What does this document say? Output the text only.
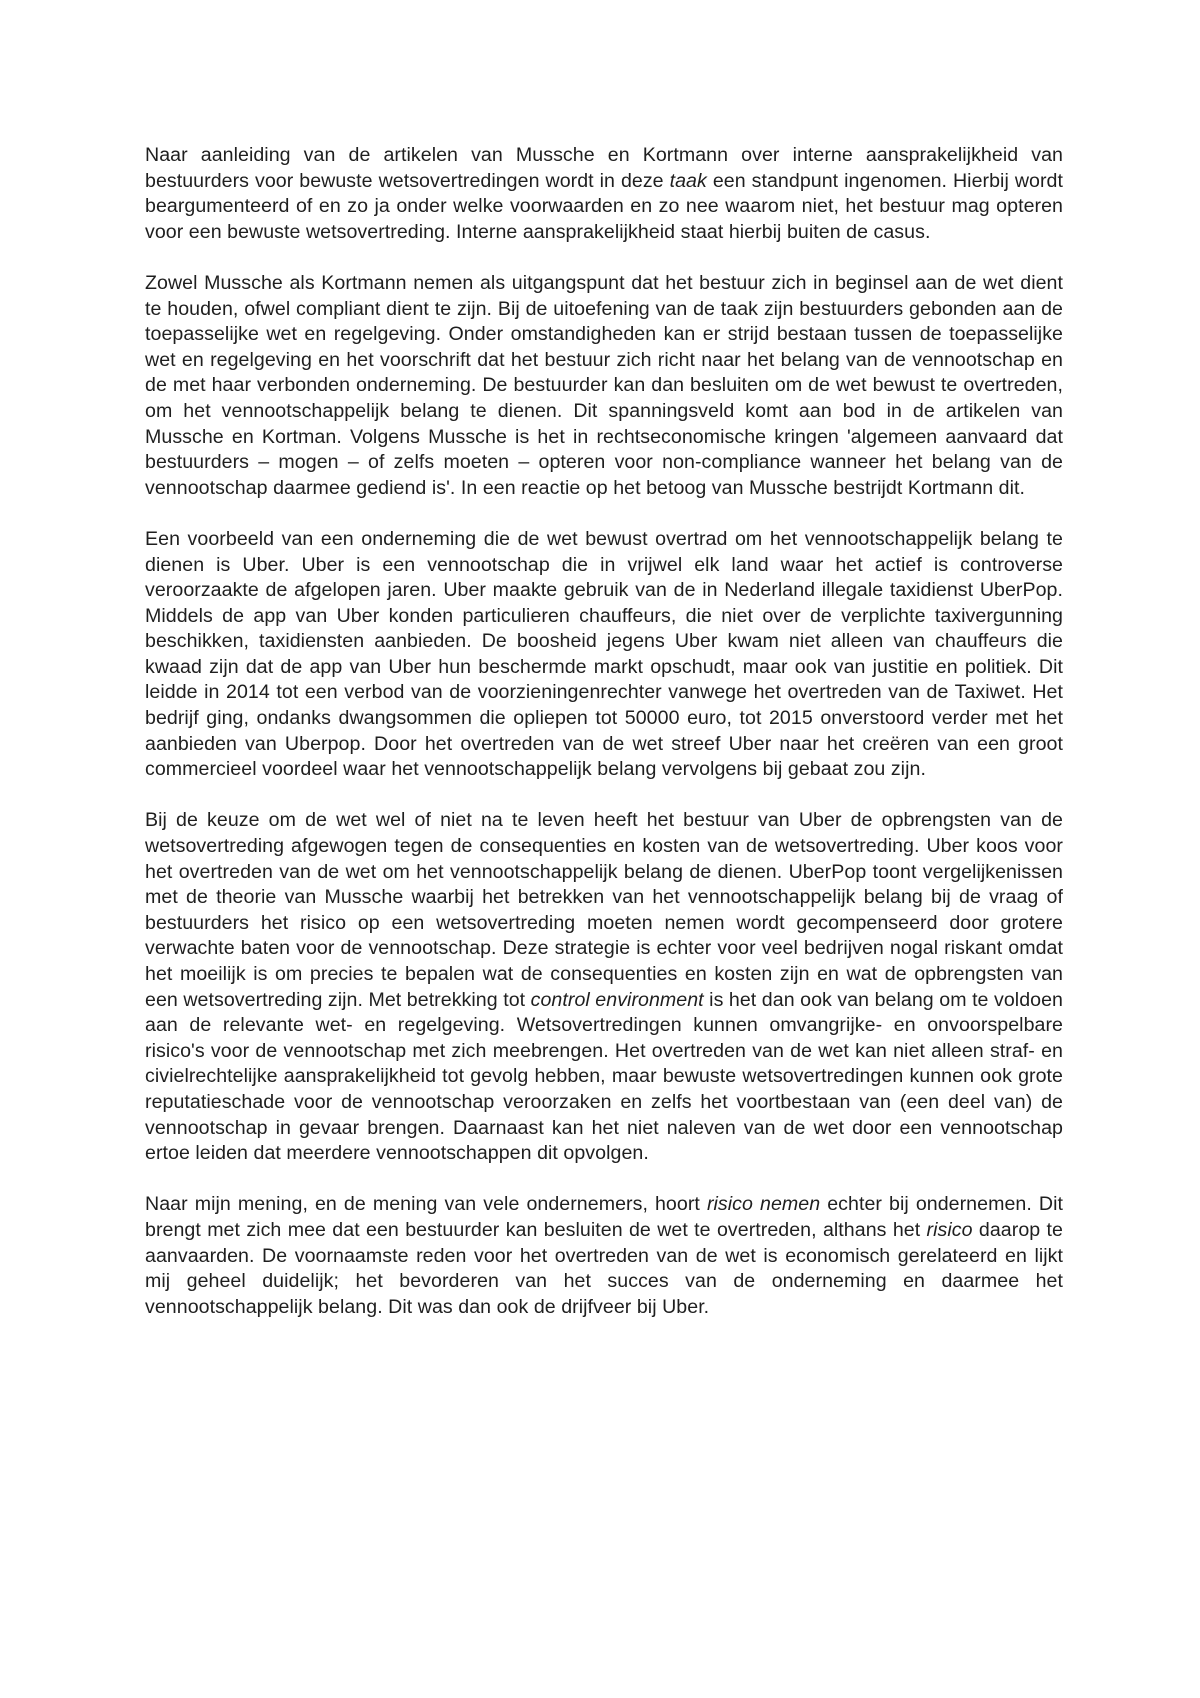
Naar aanleiding van de artikelen van Mussche en Kortmann over interne aansprakelijkheid van bestuurders voor bewuste wetsovertredingen wordt in deze taak een standpunt ingenomen. Hierbij wordt beargumenteerd of en zo ja onder welke voorwaarden en zo nee waarom niet, het bestuur mag opteren voor een bewuste wetsovertreding. Interne aansprakelijkheid staat hierbij buiten de casus.

Zowel Mussche als Kortmann nemen als uitgangspunt dat het bestuur zich in beginsel aan de wet dient te houden, ofwel compliant dient te zijn. Bij de uitoefening van de taak zijn bestuurders gebonden aan de toepasselijke wet en regelgeving. Onder omstandigheden kan er strijd bestaan tussen de toepasselijke wet en regelgeving en het voorschrift dat het bestuur zich richt naar het belang van de vennootschap en de met haar verbonden onderneming. De bestuurder kan dan besluiten om de wet bewust te overtreden, om het vennootschappelijk belang te dienen. Dit spanningsveld komt aan bod in de artikelen van Mussche en Kortman. Volgens Mussche is het in rechtseconomische kringen 'algemeen aanvaard dat bestuurders – mogen – of zelfs moeten – opteren voor non-compliance wanneer het belang van de vennootschap daarmee gediend is'. In een reactie op het betoog van Mussche bestrijdt Kortmann dit.

Een voorbeeld van een onderneming die de wet bewust overtrad om het vennootschappelijk belang te dienen is Uber. Uber is een vennootschap die in vrijwel elk land waar het actief is controverse veroorzaakte de afgelopen jaren. Uber maakte gebruik van de in Nederland illegale taxidienst UberPop. Middels de app van Uber konden particulieren chauffeurs, die niet over de verplichte taxivergunning beschikken, taxidiensten aanbieden. De boosheid jegens Uber kwam niet alleen van chauffeurs die kwaad zijn dat de app van Uber hun beschermde markt opschudt, maar ook van justitie en politiek. Dit leidde in 2014 tot een verbod van de voorzieningenrechter vanwege het overtreden van de Taxiwet. Het bedrijf ging, ondanks dwangsommen die opliepen tot 50000 euro, tot 2015 onverstoord verder met het aanbieden van Uberpop. Door het overtreden van de wet streef Uber naar het creëren van een groot commercieel voordeel waar het vennootschappelijk belang vervolgens bij gebaat zou zijn.

Bij de keuze om de wet wel of niet na te leven heeft het bestuur van Uber de opbrengsten van de wetsovertreding afgewogen tegen de consequenties en kosten van de wetsovertreding. Uber koos voor het overtreden van de wet om het vennootschappelijk belang de dienen. UberPop toont vergelijkenissen met de theorie van Mussche waarbij het betrekken van het vennootschappelijk belang bij de vraag of bestuurders het risico op een wetsovertreding moeten nemen wordt gecompenseerd door grotere verwachte baten voor de vennootschap. Deze strategie is echter voor veel bedrijven nogal riskant omdat het moeilijk is om precies te bepalen wat de consequenties en kosten zijn en wat de opbrengsten van een wetsovertreding zijn. Met betrekking tot control environment is het dan ook van belang om te voldoen aan de relevante wet- en regelgeving. Wetsovertredingen kunnen omvangrijke- en onvoorspelbare risico's voor de vennootschap met zich meebrengen. Het overtreden van de wet kan niet alleen straf- en civielrechtelijke aansprakelijkheid tot gevolg hebben, maar bewuste wetsovertredingen kunnen ook grote reputatieschade voor de vennootschap veroorzaken en zelfs het voortbestaan van (een deel van) de vennootschap in gevaar brengen. Daarnaast kan het niet naleven van de wet door een vennootschap ertoe leiden dat meerdere vennootschappen dit opvolgen.

Naar mijn mening, en de mening van vele ondernemers, hoort risico nemen echter bij ondernemen. Dit brengt met zich mee dat een bestuurder kan besluiten de wet te overtreden, althans het risico daarop te aanvaarden. De voornaamste reden voor het overtreden van de wet is economisch gerelateerd en lijkt mij geheel duidelijk; het bevorderen van het succes van de onderneming en daarmee het vennootschappelijk belang. Dit was dan ook de drijfveer bij Uber.
